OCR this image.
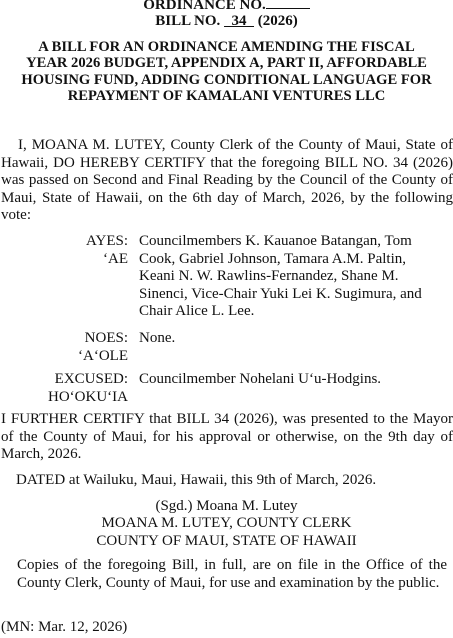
ORDINANCE NO.
BILL NO. 34 (2026)
A BILL FOR AN ORDINANCE AMENDING THE FISCAL YEAR 2026 BUDGET, APPENDIX A, PART II, AFFORDABLE HOUSING FUND, ADDING CONDITIONAL LANGUAGE FOR REPAYMENT OF KAMALANI VENTURES LLC
I, MOANA M. LUTEY, County Clerk of the County of Maui, State of Hawaii, DO HEREBY CERTIFY that the foregoing BILL NO. 34 (2026) was passed on Second and Final Reading by the Council of the County of Maui, State of Hawaii, on the 6th day of March, 2026, by the following vote:
AYES:
‘AE
Councilmembers K. Kauanoe Batangan, Tom Cook, Gabriel Johnson, Tamara A.M. Paltin, Keani N. W. Rawlins-Fernandez, Shane M. Sinenci, Vice-Chair Yuki Lei K. Sugimura, and Chair Alice L. Lee.
NOES:
‘A‘OLE
None.
EXCUSED:
HO‘OKU‘IA
Councilmember Nohelani U‘u-Hodgins.
I FURTHER CERTIFY that BILL 34 (2026), was presented to the Mayor of the County of Maui, for his approval or otherwise, on the 9th day of March, 2026.
DATED at Wailuku, Maui, Hawaii, this 9th of March, 2026.
(Sgd.) Moana M. Lutey
MOANA M. LUTEY, COUNTY CLERK
COUNTY OF MAUI, STATE OF HAWAII
Copies of the foregoing Bill, in full, are on file in the Office of the County Clerk, County of Maui, for use and examination by the public.
(MN: Mar. 12, 2026)
